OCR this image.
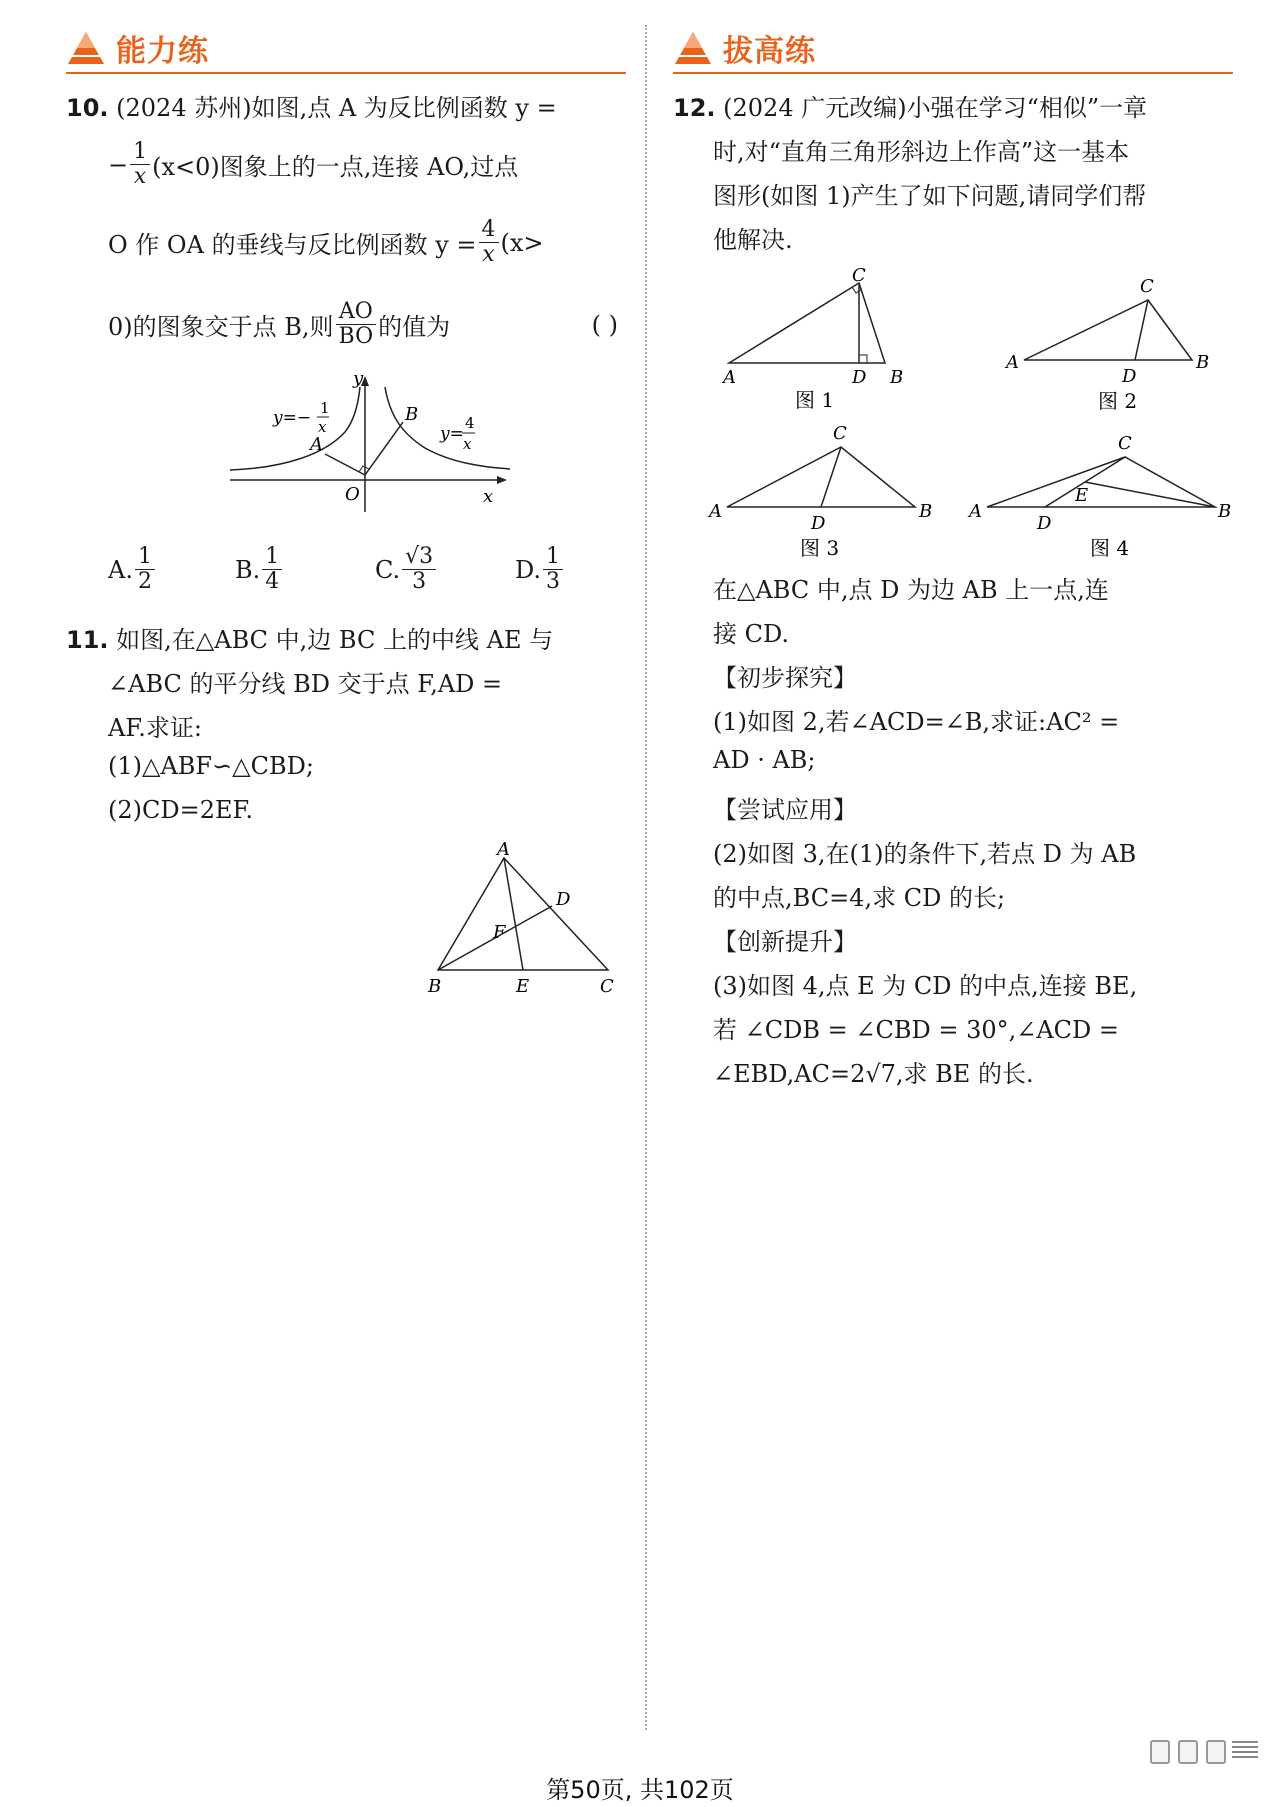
能力练	拔高练
10. (2024 苏州)如图,点 A 为反比例函数 y =
− $\frac{1}{x} (x<0)$图象上的一点,连接 AO,过点
O 作 OA 的垂线与反比例函数 $y = \frac{4}{x} (x>$
0)的图象交于点 B,则 $\frac{AO}{BO}$ 的值为	( )
y
x
O
A
B
y=− 1
x	y=
4
x
A. $\frac{1}{2}$	B. $\frac{1}{4}$	C. $\frac{√3}{3}$	D. $\frac{1}{3}$
11. 如图,在△ABC 中,边 BC 上的中线 AE 与
∠ABC 的平分线 BD 交于点 F,AD =
AF.求证:
(1)△ABF∽△CBD;
(2)CD=2EF.
A
B	C
D
E
F
12. (2024 广元改编)小强在学习“相似”一章
时,对“直角三角形斜边上作高”这一基本
图形(如图 1)产生了如下问题,请同学们帮
他解决.
A	B
C
D
图 1
A	B
C
D
图 2
A	B
C
D
图 3
A	B
C
D
E
图 4
在△ABC 中,点 D 为边 AB 上一点,连
接 CD.
【初步探究】
(1)如图 2,若∠ACD=∠B,求证:AC² =
AD · AB;
【尝试应用】
(2)如图 3,在(1)的条件下,若点 D 为 AB
的中点,BC=4,求 CD 的长;
【创新提升】
(3)如图 4,点 E 为 CD 的中点,连接 BE,
若 ∠CDB = ∠CBD = 30°,∠ACD =
∠EBD,AC=2√7,求 BE 的长.
第50页, 共102页
